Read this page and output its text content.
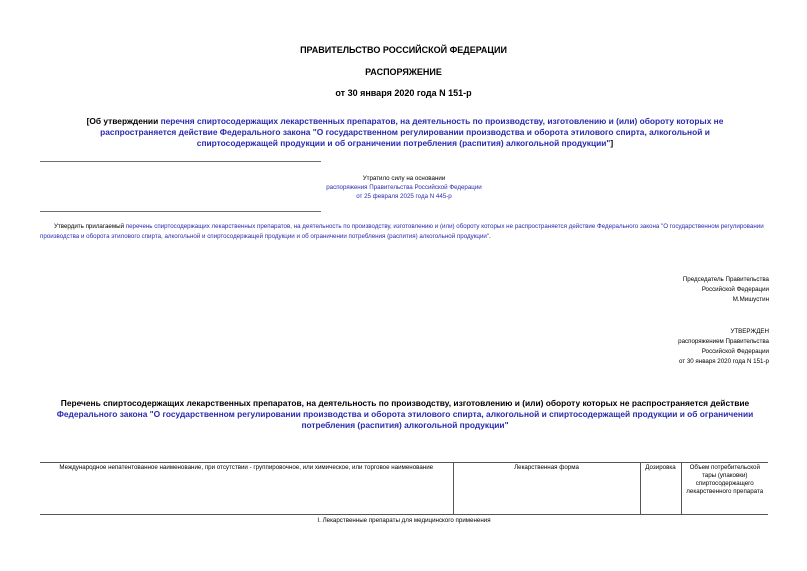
ПРАВИТЕЛЬСТВО РОССИЙСКОЙ ФЕДЕРАЦИИ
РАСПОРЯЖЕНИЕ
от 30 января 2020 года N 151-р
[Об утверждении перечня спиртосодержащих лекарственных препаратов, на деятельность по производству, изготовлению и (или) обороту которых не распространяется действие Федерального закона "О государственном регулировании производства и оборота этилового спирта, алкогольной и спиртосодержащей продукции и об ограничении потребления (распития) алкогольной продукции"]
Утратило силу на основании
распоряжения Правительства Российской Федерации
от 25 февраля 2025 года N 445-р
Утвердить прилагаемый перечень спиртосодержащих лекарственных препаратов, на деятельность по производству, изготовлению и (или) обороту которых не распространяется действие Федерального закона "О государственном регулировании производства и оборота этилового спирта, алкогольной и спиртосодержащей продукции и об ограничении потребления (распития) алкогольной продукции".
Председатель Правительства
Российской Федерации
М.Мишустин
УТВЕРЖДЕН
распоряжением Правительства
Российской Федерации
от 30 января 2020 года N 151-р
Перечень спиртосодержащих лекарственных препаратов, на деятельность по производству, изготовлению и (или) обороту которых не распространяется действие Федерального закона "О государственном регулировании производства и оборота этилового спирта, алкогольной и спиртосодержащей продукции и об ограничении потребления (распития) алкогольной продукции"
Международное непатентованное наименование, при отсутствии - группировочное, или химическое, или торговое наименование	Лекарственная форма	Дозировка	Объем потребительской тары (упаковки) спиртосодержащего лекарственного препарата
I. Лекарственные препараты для медицинского применения
